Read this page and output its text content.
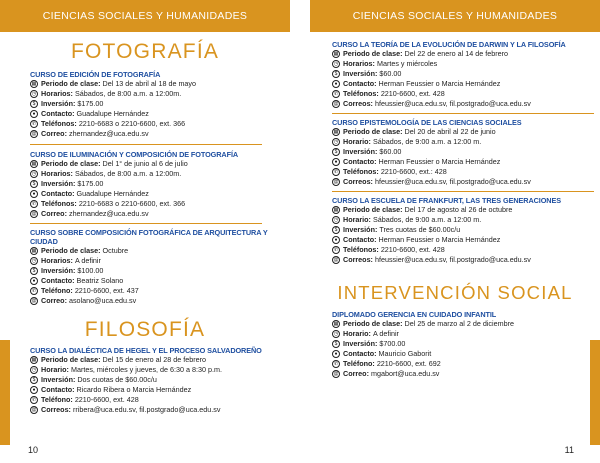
CIENCIAS SOCIALES Y HUMANIDADES
FOTOGRAFÍA
CURSO DE EDICIÓN DE FOTOGRAFÍA
▦ Periodo de clase: Del 13 de abril al 18 de mayo
◷ Horarios: Sábados, de 8:00 a.m. a 12:00m.
$ Inversión: $175.00
● Contacto: Guadalupe Hernández
✆ Teléfonos: 2210-6683 o 2210-6600, ext. 366
@ Correo: zhernandez@uca.edu.sv
CURSO DE ILUMINACIÓN Y COMPOSICIÓN DE FOTOGRAFÍA
▦ Periodo de clase: Del 1° de junio al 6 de julio
◷ Horarios: Sábados, de 8:00 a.m. a 12:00m.
$ Inversión: $175.00
● Contacto: Guadalupe Hernández
✆ Teléfonos: 2210-6683 o 2210-6600, ext. 366
@ Correo: zhernandez@uca.edu.sv
CURSO SOBRE COMPOSICIÓN FOTOGRÁFICA DE ARQUITECTURA Y CIUDAD
▦ Periodo de clase: Octubre
◷ Horarios: A definir
$ Inversión: $100.00
● Contacto: Beatriz Solano
✆ Teléfono: 2210-6600, ext. 437
@ Correo: asolano@uca.edu.sv
FILOSOFÍA
CURSO LA DIALÉCTICA DE HEGEL Y EL PROCESO SALVADOREÑO
▦ Periodo de clase: Del 15 de enero al 28 de febrero
◷ Horario: Martes, miércoles y jueves, de 6:30 a 8:30 p.m.
$ Inversión: Dos cuotas de $60.00c/u
● Contacto: Ricardo Ribera o Marcia Hernández
✆ Teléfono: 2210-6600, ext. 428
@ Correos: rribera@uca.edu.sv, fil.postgrado@uca.edu.sv
10
CIENCIAS SOCIALES Y HUMANIDADES
CURSO LA TEORÍA DE LA EVOLUCIÓN DE DARWIN Y LA FILOSOFÍA
▦ Periodo de clase: Del 22 de enero al 14 de febrero
◷ Horarios: Martes y miércoles
$ Inversión: $60.00
● Contacto: Herman Feussier o Marcia Hernández
✆ Teléfonos: 2210-6600, ext. 428
@ Correos: hfeussier@uca.edu.sv, fil.postgrado@uca.edu.sv
CURSO EPISTEMOLOGÍA DE LAS CIENCIAS SOCIALES
▦ Periodo de clase: Del 20 de abril al 22 de junio
◷ Horario: Sábados, de 9:00 a.m. a 12:00 m.
$ Inversión: $60.00
● Contacto: Herman Feussier o Marcia Hernández
✆ Teléfonos: 2210-6600, ext.: 428
@ Correos: hfeussier@uca.edu.sv, fil.postgrado@uca.edu.sv
CURSO LA ESCUELA DE FRANKFURT, LAS TRES GENERACIONES
▦ Periodo de clase: Del 17 de agosto al 26 de octubre
◷ Horario: Sábados, de 9:00 a.m. a 12:00 m.
$ Inversión: Tres cuotas de $60.00c/u
● Contacto: Herman Feussier o Marcia Hernández
✆ Teléfonos: 2210-6600, ext. 428
@ Correos: hfeussier@uca.edu.sv, fil.postgrado@uca.edu.sv
INTERVENCIÓN SOCIAL
DIPLOMADO GERENCIA EN CUIDADO INFANTIL
▦ Periodo de clase: Del 25 de marzo al 2 de diciembre
◷ Horario: A definir
$ Inversión: $700.00
● Contacto: Mauricio Gaborit
✆ Teléfono: 2210-6600, ext. 692
@ Correo: mgabort@uca.edu.sv
11
